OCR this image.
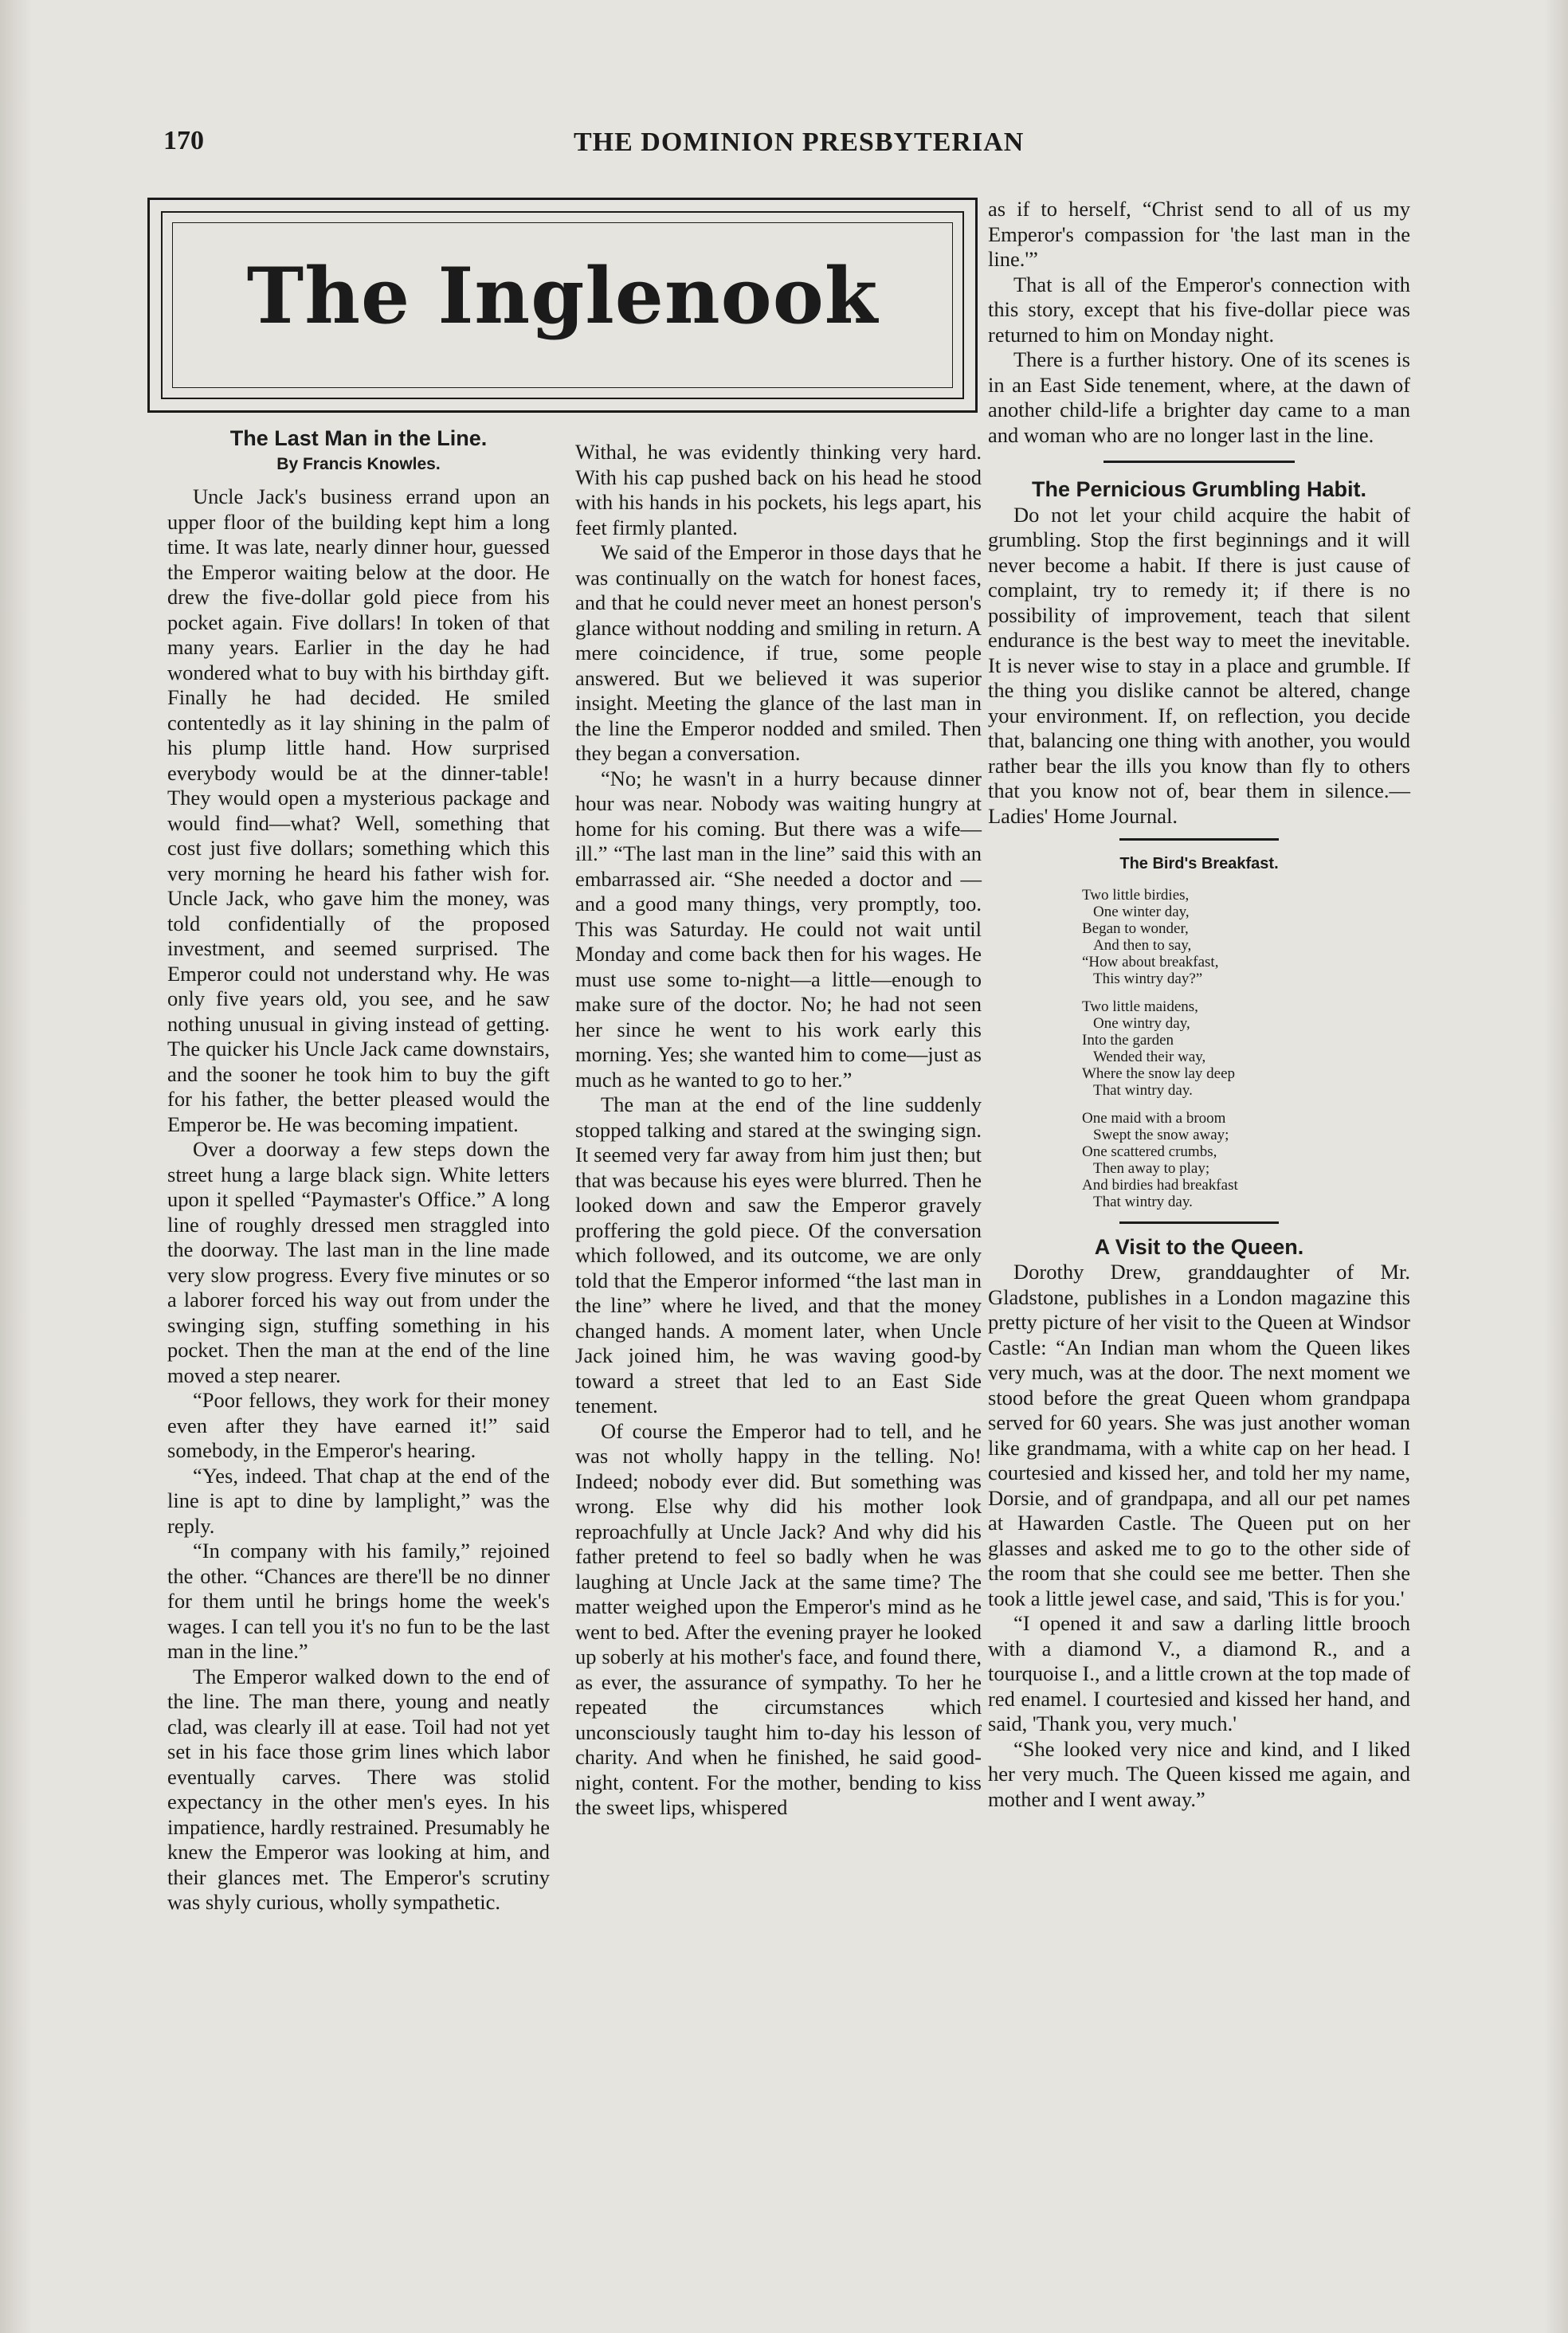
170	THE DOMINION PRESBYTERIAN
The Inglenook

The Last Man in the Line.

By Francis Knowles.

Uncle Jack's business errand upon an upper floor of the building kept him a long time. It was late, nearly dinner hour, guessed the Emperor waiting below at the door. He drew the five-dollar gold piece from his pocket again. Five dollars! In token of that many years. Earlier in the day he had wondered what to buy with his birthday gift. Finally he had decided. He smiled contentedly as it lay shining in the palm of his plump little hand. How surprised everybody would be at the dinner-table! They would open a mysterious package and would find—what? Well, something that cost just five dollars; something which this very morning he heard his father wish for. Uncle Jack, who gave him the money, was told confidentially of the proposed investment, and seemed surprised. The Emperor could not understand why. He was only five years old, you see, and he saw nothing unusual in giving instead of getting. The quicker his Uncle Jack came downstairs, and the sooner he took him to buy the gift for his father, the better pleased would the Emperor be. He was becoming impatient.

Over a doorway a few steps down the street hung a large black sign. White letters upon it spelled “Paymaster's Office.” A long line of roughly dressed men straggled into the doorway. The last man in the line made very slow progress. Every five minutes or so a laborer forced his way out from under the swinging sign, stuffing something in his pocket. Then the man at the end of the line moved a step nearer.

“Poor fellows, they work for their money even after they have earned it!” said somebody, in the Emperor's hearing.

“Yes, indeed. That chap at the end of the line is apt to dine by lamplight,” was the reply.

“In company with his family,” rejoined the other. “Chances are there'll be no dinner for them until he brings home the week's wages. I can tell you it's no fun to be the last man in the line.”

The Emperor walked down to the end of the line. The man there, young and neatly clad, was clearly ill at ease. Toil had not yet set in his face those grim lines which labor eventually carves. There was stolid expectancy in the other men's eyes. In his impatience, hardly restrained. Presumably he knew the Emperor was looking at him, and their glances met. The Emperor's scrutiny was shyly curious, wholly sympathetic.

Withal, he was evidently thinking very hard. With his cap pushed back on his head he stood with his hands in his pockets, his legs apart, his feet firmly planted.

We said of the Emperor in those days that he was continually on the watch for honest faces, and that he could never meet an honest person's glance without nodding and smiling in return. A mere coincidence, if true, some people answered. But we believed it was superior insight. Meeting the glance of the last man in the line the Emperor nodded and smiled. Then they began a conversation.

“No; he wasn't in a hurry because dinner hour was near. Nobody was waiting hungry at home for his coming. But there was a wife—ill.” “The last man in the line” said this with an embarrassed air. “She needed a doctor and —and a good many things, very promptly, too. This was Saturday. He could not wait until Monday and come back then for his wages. He must use some to-night—a little—enough to make sure of the doctor. No; he had not seen her since he went to his work early this morning. Yes; she wanted him to come—just as much as he wanted to go to her.”

The man at the end of the line suddenly stopped talking and stared at the swinging sign. It seemed very far away from him just then; but that was because his eyes were blurred. Then he looked down and saw the Emperor gravely proffering the gold piece. Of the conversation which followed, and its outcome, we are only told that the Emperor informed “the last man in the line” where he lived, and that the money changed hands. A moment later, when Uncle Jack joined him, he was waving good-by toward a street that led to an East Side tenement.

Of course the Emperor had to tell, and he was not wholly happy in the telling. No! Indeed; nobody ever did. But something was wrong. Else why did his mother look reproachfully at Uncle Jack? And why did his father pretend to feel so badly when he was laughing at Uncle Jack at the same time? The matter weighed upon the Emperor's mind as he went to bed. After the evening prayer he looked up soberly at his mother's face, and found there, as ever, the assurance of sympathy. To her he repeated the circumstances which unconsciously taught him to-day his lesson of charity. And when he finished, he said good-night, content. For the mother, bending to kiss the sweet lips, whispered

as if to herself, “Christ send to all of us my Emperor's compassion for 'the last man in the line.'”

That is all of the Emperor's connection with this story, except that his five-dollar piece was returned to him on Monday night.

There is a further history. One of its scenes is in an East Side tenement, where, at the dawn of another child-life a brighter day came to a man and woman who are no longer last in the line.

The Pernicious Grumbling Habit.

Do not let your child acquire the habit of grumbling. Stop the first beginnings and it will never become a habit. If there is just cause of complaint, try to remedy it; if there is no possibility of improvement, teach that silent endurance is the best way to meet the inevitable. It is never wise to stay in a place and grumble. If the thing you dislike cannot be altered, change your environment. If, on reflection, you decide that, balancing one thing with another, you would rather bear the ills you know than fly to others that you know not of, bear them in silence.—Ladies' Home Journal.

The Bird's Breakfast.
Two little birdies,
One winter day,
Began to wonder,
And then to say,
“How about breakfast,
This wintry day?”
Two little maidens,
One wintry day,
Into the garden
Wended their way,
Where the snow lay deep
That wintry day.
One maid with a broom
Swept the snow away;
One scattered crumbs,
Then away to play;
And birdies had breakfast
That wintry day.

A Visit to the Queen.

Dorothy Drew, granddaughter of Mr. Gladstone, publishes in a London magazine this pretty picture of her visit to the Queen at Windsor Castle: “An Indian man whom the Queen likes very much, was at the door. The next moment we stood before the great Queen whom grandpapa served for 60 years. She was just another woman like grandmama, with a white cap on her head. I courtesied and kissed her, and told her my name, Dorsie, and of grandpapa, and all our pet names at Hawarden Castle. The Queen put on her glasses and asked me to go to the other side of the room that she could see me better. Then she took a little jewel case, and said, 'This is for you.'

“I opened it and saw a darling little brooch with a diamond V., a diamond R., and a tourquoise I., and a little crown at the top made of red enamel. I courtesied and kissed her hand, and said, 'Thank you, very much.'

“She looked very nice and kind, and I liked her very much. The Queen kissed me again, and mother and I went away.”
